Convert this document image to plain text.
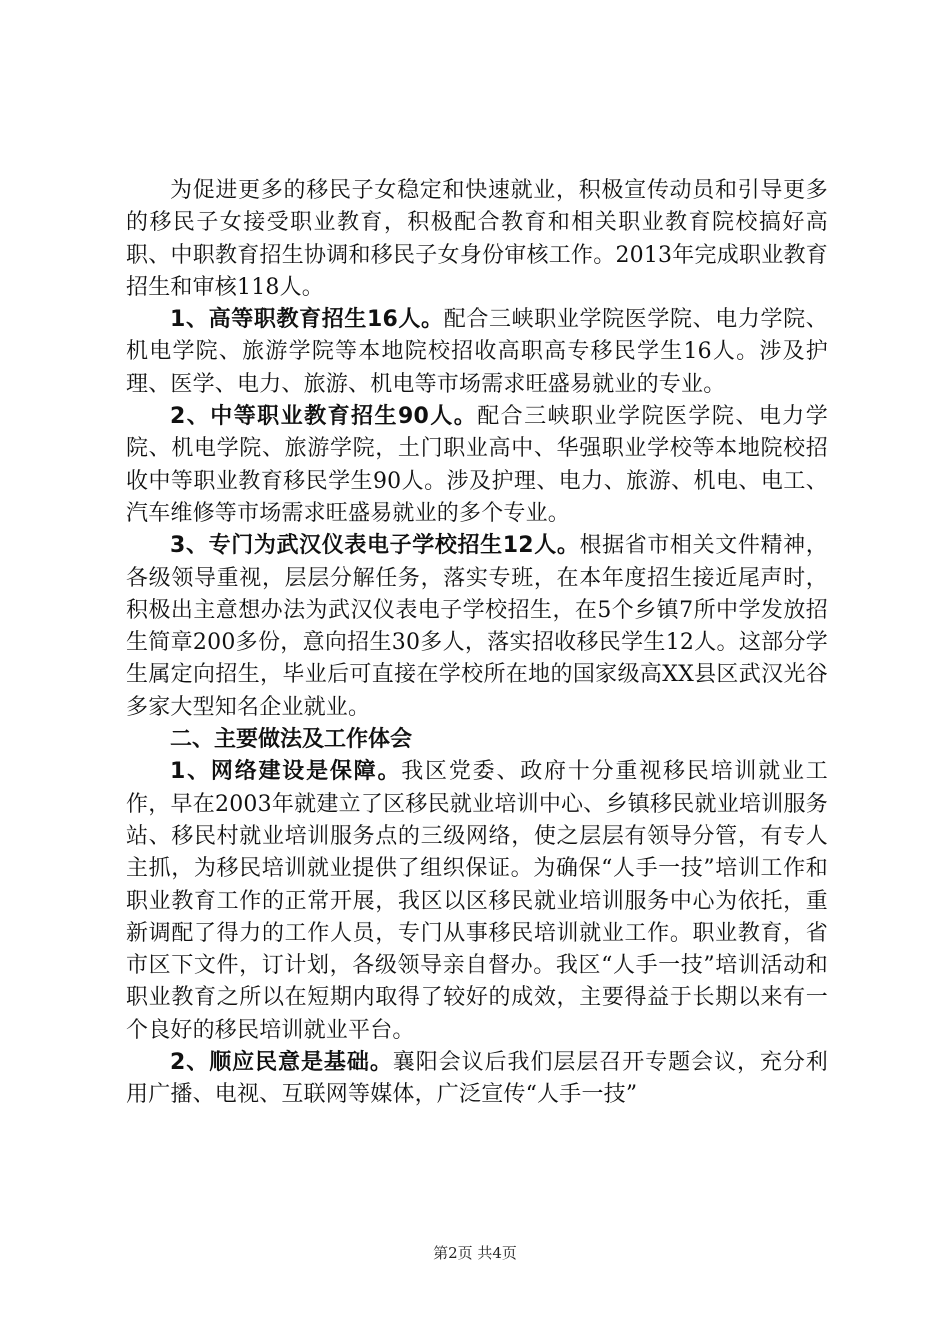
为促进更多的移民子女稳定和快速就业，积极宣传动员和引导更多的移民子女接受职业教育，积极配合教育和相关职业教育院校搞好高职、中职教育招生协调和移民子女身份审核工作。2013年完成职业教育招生和审核118人。

1、高等职教育招生16人。配合三峡职业学院医学院、电力学院、机电学院、旅游学院等本地院校招收高职高专移民学生16人。涉及护理、医学、电力、旅游、机电等市场需求旺盛易就业的专业。

2、中等职业教育招生90人。配合三峡职业学院医学院、电力学院、机电学院、旅游学院，土门职业高中、华强职业学校等本地院校招收中等职业教育移民学生90人。涉及护理、电力、旅游、机电、电工、汽车维修等市场需求旺盛易就业的多个专业。

3、专门为武汉仪表电子学校招生12人。根据省市相关文件精神，各级领导重视，层层分解任务，落实专班，在本年度招生接近尾声时，积极出主意想办法为武汉仪表电子学校招生，在5个乡镇7所中学发放招生简章200多份，意向招生30多人，落实招收移民学生12人。这部分学生属定向招生，毕业后可直接在学校所在地的国家级高XX县区武汉光谷多家大型知名企业就业。

二、主要做法及工作体会

1、网络建设是保障。我区党委、政府十分重视移民培训就业工作，早在2003年就建立了区移民就业培训中心、乡镇移民就业培训服务站、移民村就业培训服务点的三级网络，使之层层有领导分管，有专人主抓，为移民培训就业提供了组织保证。为确保“人手一技”培训工作和职业教育工作的正常开展，我区以区移民就业培训服务中心为依托，重新调配了得力的工作人员，专门从事移民培训就业工作。职业教育，省市区下文件，订计划，各级领导亲自督办。我区“人手一技”培训活动和职业教育之所以在短期内取得了较好的成效，主要得益于长期以来有一个良好的移民培训就业平台。

2、顺应民意是基础。襄阳会议后我们层层召开专题会议，充分利用广播、电视、互联网等媒体，广泛宣传“人手一技”

第2页 共4页
